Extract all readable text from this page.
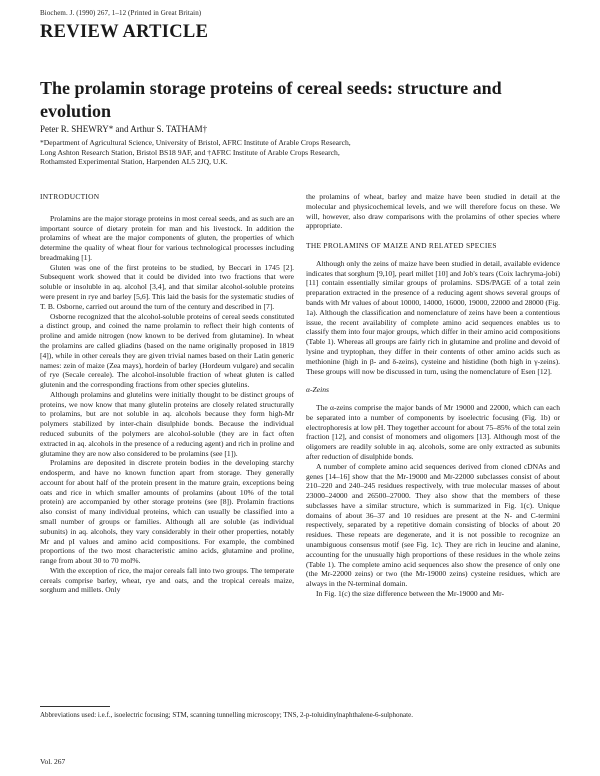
Biochem. J. (1990) 267, 1–12 (Printed in Great Britain)
REVIEW ARTICLE
The prolamin storage proteins of cereal seeds: structure and evolution
Peter R. SHEWRY* and Arthur S. TATHAM†
*Department of Agricultural Science, University of Bristol, AFRC Institute of Arable Crops Research,
Long Ashton Research Station, Bristol BS18 9AF, and †AFRC Institute of Arable Crops Research,
Rothamsted Experimental Station, Harpenden AL5 2JQ, U.K.
INTRODUCTION

Prolamins are the major storage proteins in most cereal seeds, and as such are an important source of dietary protein for man and his livestock. In addition the prolamins of wheat are the major components of gluten, the properties of which determine the quality of wheat flour for various technological processes including breadmaking [1].

Gluten was one of the first proteins to be studied, by Beccari in 1745 [2]. Subsequent work showed that it could be divided into two fractions that were soluble or insoluble in aq. alcohol [3,4], and that similar alcohol-soluble proteins were present in rye and barley [5,6]. This laid the basis for the systematic studies of T. B. Osborne, carried out around the turn of the century and described in [7].

Osborne recognized that the alcohol-soluble proteins of cereal seeds constituted a distinct group, and coined the name prolamin to reflect their high contents of proline and amide nitrogen (now known to be derived from glutamine). In wheat the prolamins are called gliadins (based on the name originally proposed in 1819 [4]), while in other cereals they are given trivial names based on their Latin generic names: zein of maize (Zea mays), hordein of barley (Hordeum vulgare) and secalin of rye (Secale cereale). The alcohol-insoluble fraction of wheat gluten is called glutenin and the corresponding fractions from other species glutelins.

Although prolamins and glutelins were initially thought to be distinct groups of proteins, we now know that many glutelin proteins are closely related structurally to prolamins, but are not soluble in aq. alcohols because they form high-Mr polymers stabilized by inter-chain disulphide bonds. Because the individual reduced subunits of the polymers are alcohol-soluble (they are in fact often extracted in aq. alcohols in the presence of a reducing agent) and rich in proline and glutamine they are now also considered to be prolamins (see [1]).

Prolamins are deposited in discrete protein bodies in the developing starchy endosperm, and have no known function apart from storage. They generally account for about half of the protein present in the mature grain, exceptions being oats and rice in which smaller amounts of prolamins (about 10% of the total protein) are accompanied by other storage proteins (see [8]). Prolamin fractions also consist of many individual proteins, which can usually be classified into a small number of groups or families. Although all are soluble (as individual subunits) in aq. alcohols, they vary considerably in their other properties, notably Mr and pI values and amino acid compositions. For example, the combined proportions of the two most characteristic amino acids, glutamine and proline, range from about 30 to 70 mol%.

With the exception of rice, the major cereals fall into two groups. The temperate cereals comprise barley, wheat, rye and oats, and the tropical cereals maize, sorghum and millets. Only

the prolamins of wheat, barley and maize have been studied in detail at the molecular and physicochemical levels, and we will therefore focus on these. We will, however, also draw comparisons with the prolamins of other species where appropriate.

THE PROLAMINS OF MAIZE AND RELATED SPECIES

Although only the zeins of maize have been studied in detail, available evidence indicates that sorghum [9,10], pearl millet [10] and Job's tears (Coix lachryma-jobi) [11] contain essentially similar groups of prolamins. SDS/PAGE of a total zein preparation extracted in the presence of a reducing agent shows several groups of bands with Mr values of about 10000, 14000, 16000, 19000, 22000 and 28000 (Fig. 1a). Although the classification and nomenclature of zeins have been a contentious issue, the recent availability of complete amino acid sequences enables us to classify them into four major groups, which differ in their amino acid compositions (Table 1). Whereas all groups are fairly rich in glutamine and proline and devoid of lysine and tryptophan, they differ in their contents of other amino acids such as methionine (high in β- and δ-zeins), cysteine and histidine (both high in γ-zeins). These groups will now be discussed in turn, using the nomenclature of Esen [12].

α-Zeins

The α-zeins comprise the major bands of Mr 19000 and 22000, which can each be separated into a number of components by isoelectric focusing (Fig. 1b) or electrophoresis at low pH. They together account for about 75–85% of the total zein fraction [12], and consist of monomers and oligomers [13]. Although most of the oligomers are readily soluble in aq. alcohols, some are only extracted as subunits after reduction of disulphide bonds.

A number of complete amino acid sequences derived from cloned cDNAs and genes [14–16] show that the Mr-19000 and Mr-22000 subclasses consist of about 210–220 and 240–245 residues respectively, with true molecular masses of about 23000–24000 and 26500–27000. They also show that the members of these subclasses have a similar structure, which is summarized in Fig. 1(c). Unique domains of about 36–37 and 10 residues are present at the N- and C-termini respectively, separated by a repetitive domain consisting of blocks of about 20 residues. These repeats are degenerate, and it is not possible to recognize an unambiguous consensus motif (see Fig. 1c). They are rich in leucine and alanine, accounting for the unusually high proportions of these residues in the whole zeins (Table 1). The complete amino acid sequences also show the presence of only one (the Mr-22000 zeins) or two (the Mr-19000 zeins) cysteine residues, which are always in the N-terminal domain.

In Fig. 1(c) the size difference between the Mr-19000 and Mr-

Abbreviations used: i.e.f., isoelectric focusing; STM, scanning tunnelling microscopy; TNS, 2-p-toluidinylnaphthalene-6-sulphonate.
Vol. 267
